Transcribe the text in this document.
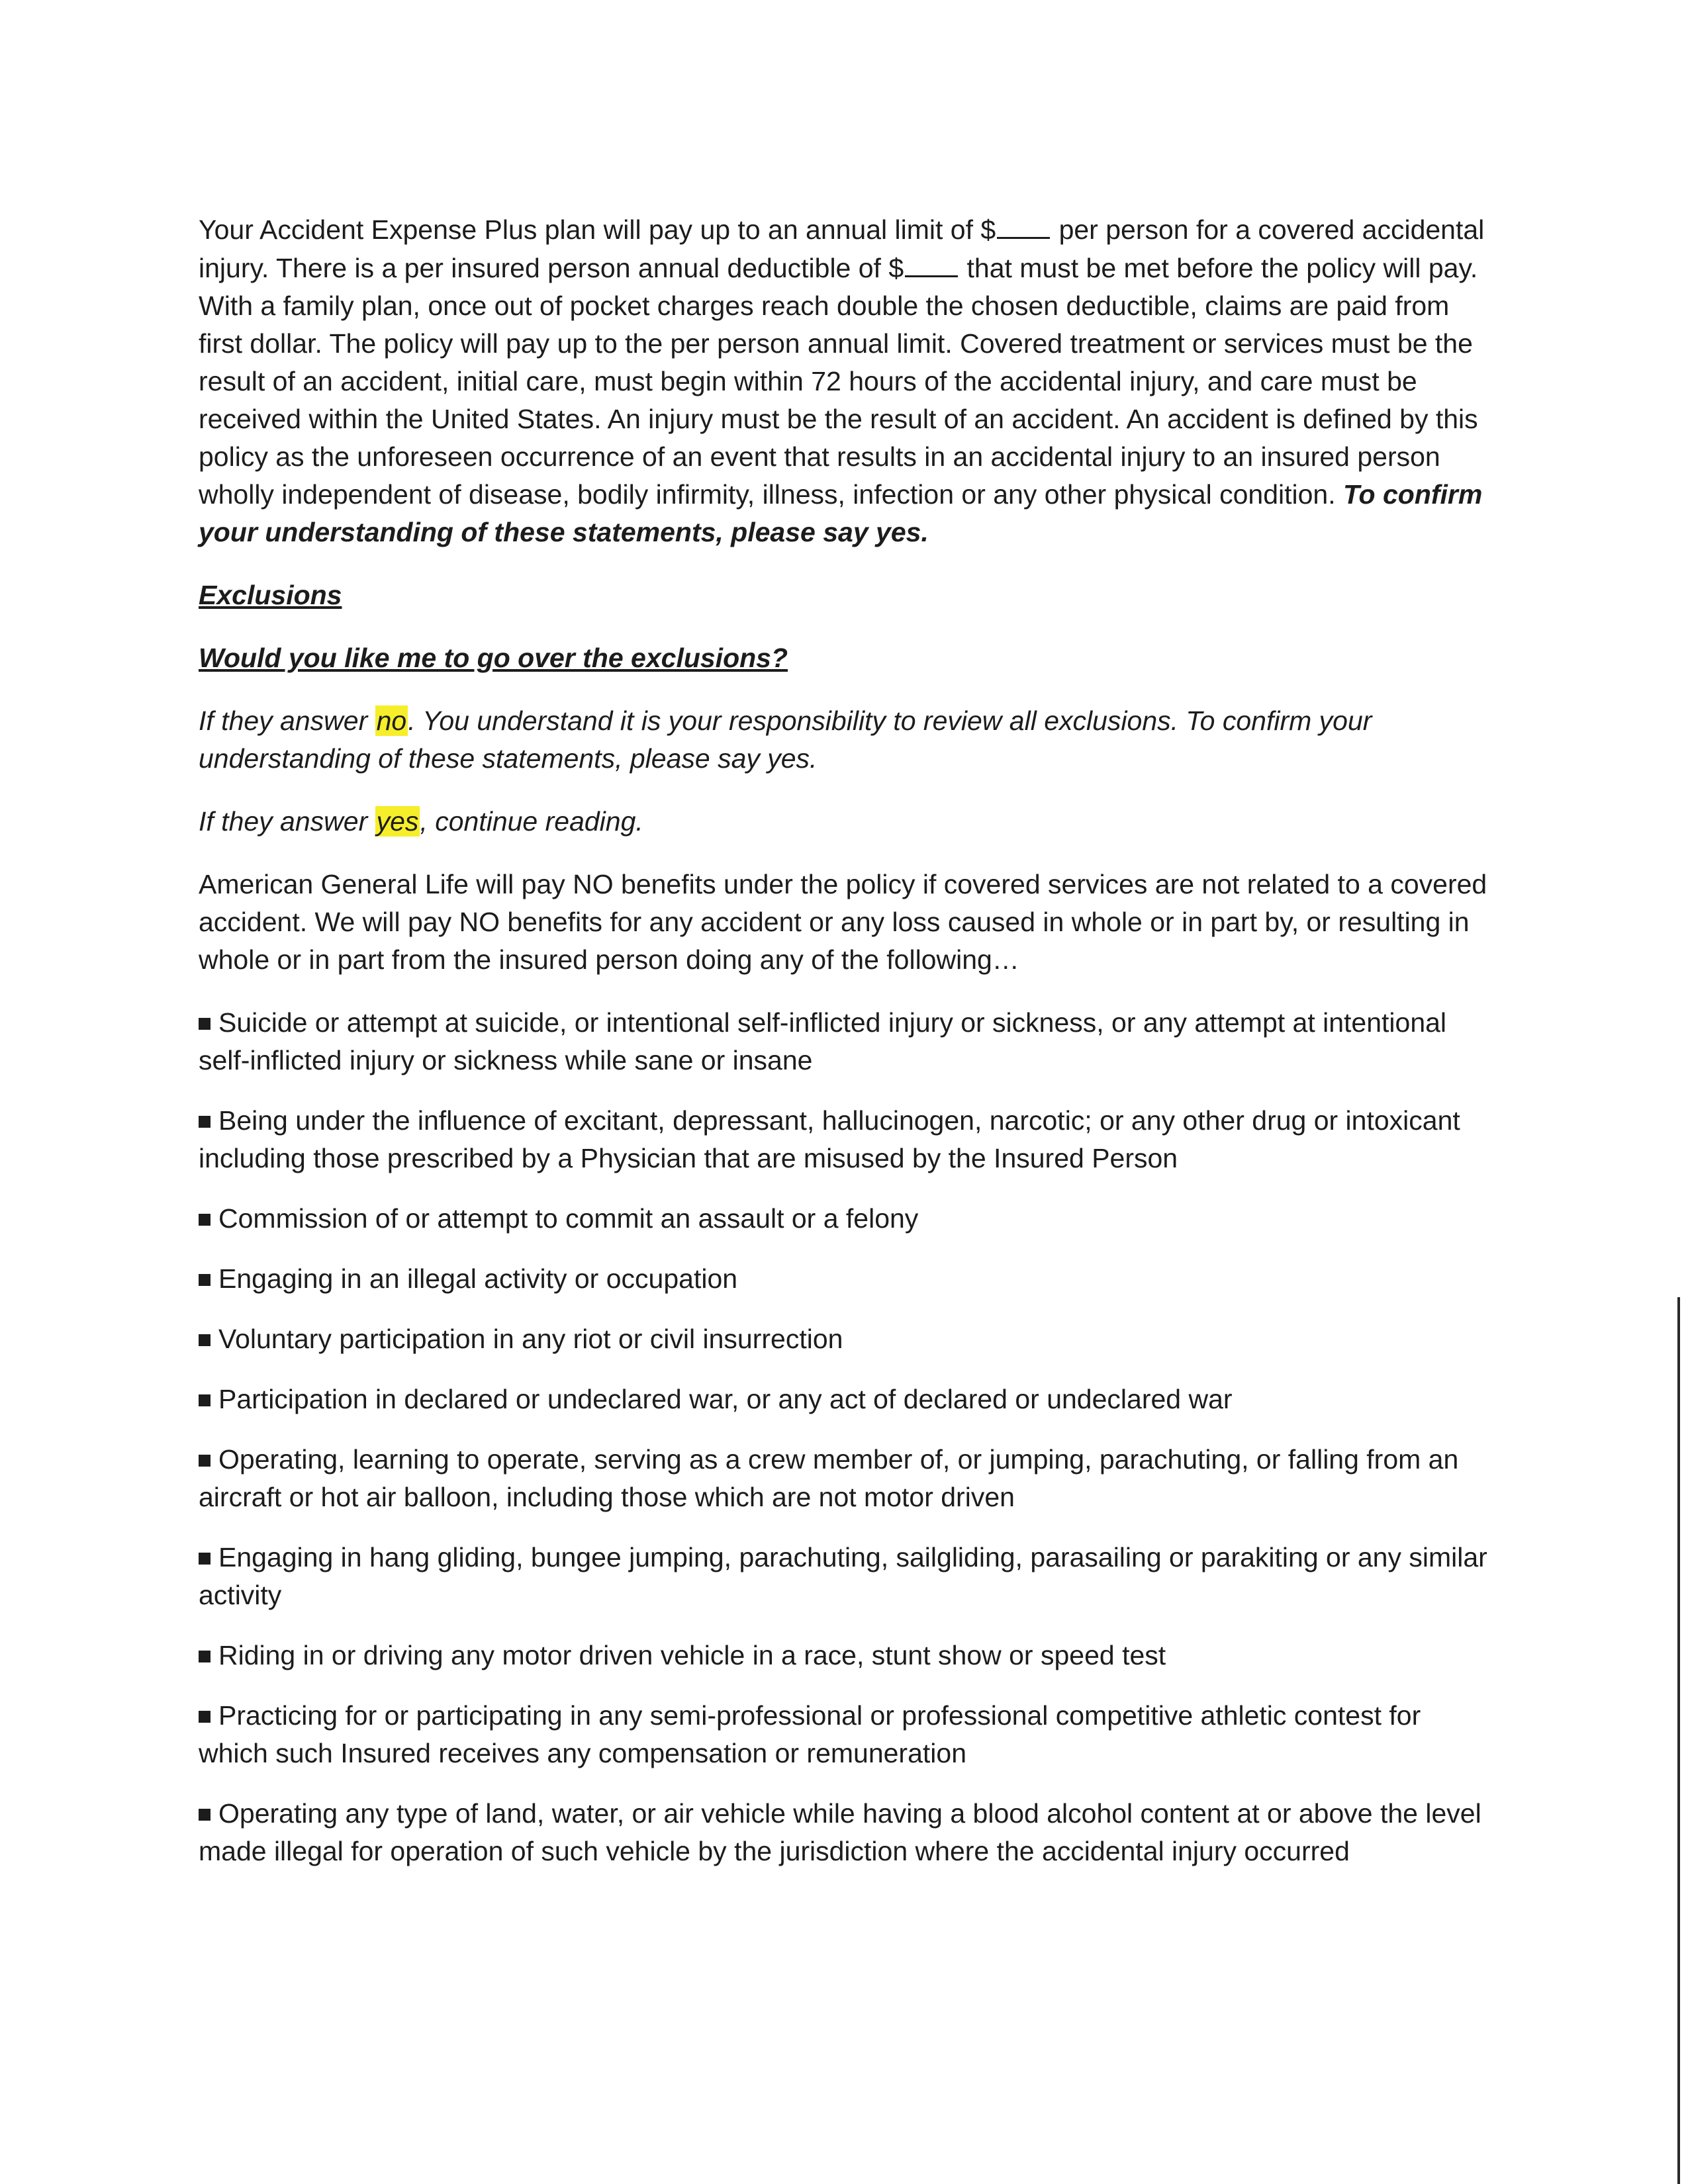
Your Accident Expense Plus plan will pay up to an annual limit of $ per person for a covered accidental injury. There is a per insured person annual deductible of $ that must be met before the policy will pay. With a family plan, once out of pocket charges reach double the chosen deductible, claims are paid from first dollar. The policy will pay up to the per person annual limit. Covered treatment or services must be the result of an accident, initial care, must begin within 72 hours of the accidental injury, and care must be received within the United States. An injury must be the result of an accident. An accident is defined by this policy as the unforeseen occurrence of an event that results in an accidental injury to an insured person wholly independent of disease, bodily infirmity, illness, infection or any other physical condition. To confirm your understanding of these statements, please say yes.

Exclusions

Would you like me to go over the exclusions?

If they answer no. You understand it is your responsibility to review all exclusions. To confirm your understanding of these statements, please say yes.

If they answer yes, continue reading.

American General Life will pay NO benefits under the policy if covered services are not related to a covered accident. We will pay NO benefits for any accident or any loss caused in whole or in part by, or resulting in whole or in part from the insured person doing any of the following…

Suicide or attempt at suicide, or intentional self-inflicted injury or sickness, or any attempt at intentional self-inflicted injury or sickness while sane or insane

Being under the influence of excitant, depressant, hallucinogen, narcotic; or any other drug or intoxicant including those prescribed by a Physician that are misused by the Insured Person

Commission of or attempt to commit an assault or a felony

Engaging in an illegal activity or occupation

Voluntary participation in any riot or civil insurrection

Participation in declared or undeclared war, or any act of declared or undeclared war

Operating, learning to operate, serving as a crew member of, or jumping, parachuting, or falling from an aircraft or hot air balloon, including those which are not motor driven

Engaging in hang gliding, bungee jumping, parachuting, sailgliding, parasailing or parakiting or any similar activity

Riding in or driving any motor driven vehicle in a race, stunt show or speed test

Practicing for or participating in any semi-professional or professional competitive athletic contest for which such Insured receives any compensation or remuneration

Operating any type of land, water, or air vehicle while having a blood alcohol content at or above the level made illegal for operation of such vehicle by the jurisdiction where the accidental injury occurred
